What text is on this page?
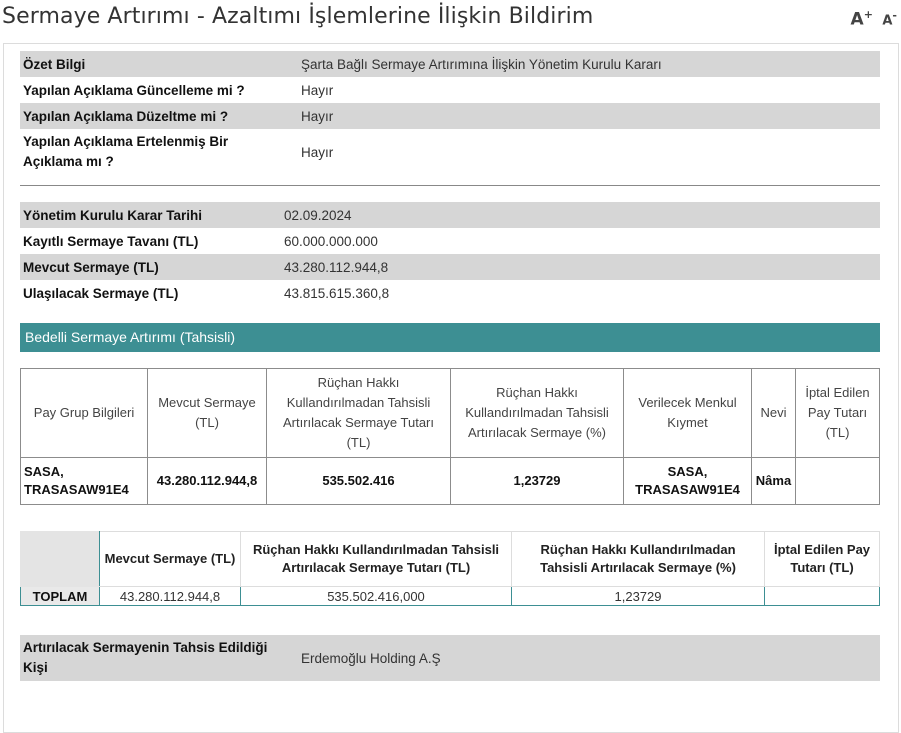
Sermaye Artırımı - Azaltımı İşlemlerine İlişkin Bildirim	A+ A-
Özet Bilgi	Şarta Bağlı Sermaye Artırımına İlişkin Yönetim Kurulu Kararı
Yapılan Açıklama Güncelleme mi ?	Hayır
Yapılan Açıklama Düzeltme mi ?	Hayır
Yapılan Açıklama Ertelenmiş Bir Açıklama mı ?	Hayır
Yönetim Kurulu Karar Tarihi	02.09.2024
Kayıtlı Sermaye Tavanı (TL)	60.000.000.000
Mevcut Sermaye (TL)	43.280.112.944,8
Ulaşılacak Sermaye (TL)	43.815.615.360,8
Bedelli Sermaye Artırımı (Tahsisli)
Pay Grup Bilgileri	Mevcut Sermaye (TL)	Rüçhan Hakkı Kullandırılmadan Tahsisli Artırılacak Sermaye Tutarı (TL)	Rüçhan Hakkı Kullandırılmadan Tahsisli Artırılacak Sermaye (%)	Verilecek Menkul Kıymet	Nevi	İptal Edilen Pay Tutarı (TL)
SASA, TRASASAW91E4	43.280.112.944,8	535.502.416	1,23729	SASA, TRASASAW91E4	Nâma	
	Mevcut Sermaye (TL)	Rüçhan Hakkı Kullandırılmadan Tahsisli Artırılacak Sermaye Tutarı (TL)	Rüçhan Hakkı Kullandırılmadan Tahsisli Artırılacak Sermaye (%)	İptal Edilen Pay Tutarı (TL)
TOPLAM	43.280.112.944,8	535.502.416,000	1,23729	
Artırılacak Sermayenin Tahsis Edildiği Kişi	Erdemoğlu Holding A.Ş
